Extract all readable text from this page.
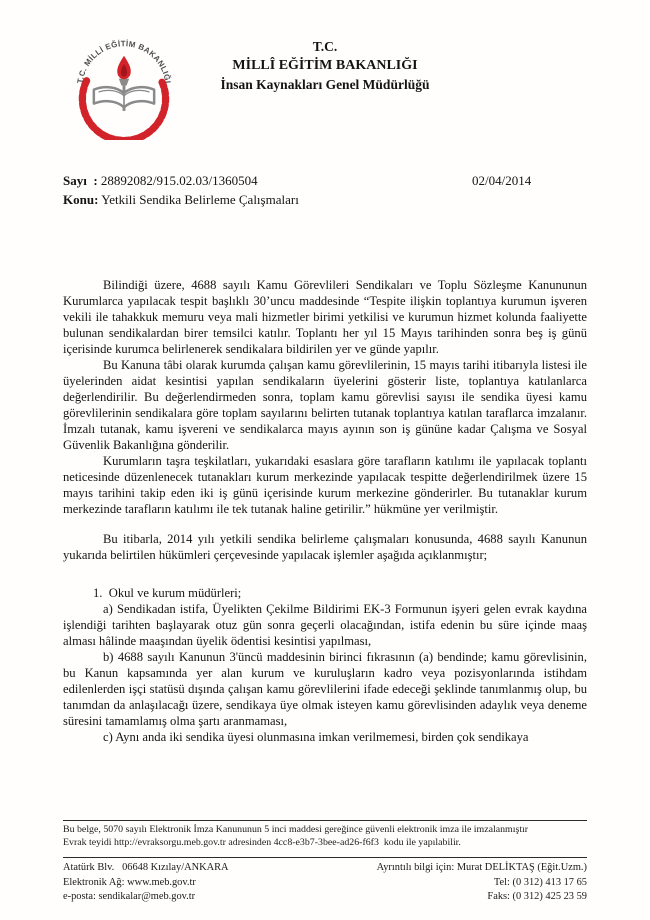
T.C. MİLLİ EĞİTİM BAKANLIĞI
T.C.
MİLLÎ EĞİTİM BAKANLIĞI
İnsan Kaynakları Genel Müdürlüğü
Sayı  : 28892082/915.02.03/1360504	02/04/2014
Konu: Yetkili Sendika Belirleme Çalışmaları

Bilindiği üzere, 4688 sayılı Kamu Görevlileri Sendikaları ve Toplu Sözleşme Kanununun Kurumlarca yapılacak tespit başlıklı 30’uncu maddesinde “Tespite ilişkin toplantıya kurumun işveren vekili ile tahakkuk memuru veya mali hizmetler birimi yetkilisi ve kurumun hizmet kolunda faaliyette bulunan sendikalardan birer temsilci katılır. Toplantı her yıl 15 Mayıs tarihinden sonra beş iş günü içerisinde kurumca belirlenerek sendikalara bildirilen yer ve günde yapılır.

Bu Kanuna tâbi olarak kurumda çalışan kamu görevlilerinin, 15 mayıs tarihi itibarıyla listesi ile üyelerinden aidat kesintisi yapılan sendikaların üyelerini gösterir liste, toplantıya katılanlarca değerlendirilir. Bu değerlendirmeden sonra, toplam kamu görevlisi sayısı ile sendika üyesi kamu görevlilerinin sendikalara göre toplam sayılarını belirten tutanak toplantıya katılan taraflarca imzalanır. İmzalı tutanak, kamu işvereni ve sendikalarca mayıs ayının son iş gününe kadar Çalışma ve Sosyal Güvenlik Bakanlığına gönderilir.

Kurumların taşra teşkilatları, yukarıdaki esaslara göre tarafların katılımı ile yapılacak toplantı neticesinde düzenlenecek tutanakları kurum merkezinde yapılacak tespitte değerlendirilmek üzere 15 mayıs tarihini takip eden iki iş günü içerisinde kurum merkezine gönderirler. Bu tutanaklar kurum merkezinde tarafların katılımı ile tek tutanak haline getirilir.” hükmüne yer verilmiştir.

Bu itibarla, 2014 yılı yetkili sendika belirleme çalışmaları konusunda, 4688 sayılı Kanunun yukarıda belirtilen hükümleri çerçevesinde yapılacak işlemler aşağıda açıklanmıştır;

1.  Okul ve kurum müdürleri;

a) Sendikadan istifa, Üyelikten Çekilme Bildirimi EK-3 Formunun işyeri gelen evrak kaydına işlendiği tarihten başlayarak otuz gün sonra geçerli olacağından, istifa edenin bu süre içinde maaş alması hâlinde maaşından üyelik ödentisi kesintisi yapılması,

b) 4688 sayılı Kanunun 3'üncü maddesinin birinci fıkrasının (a) bendinde; kamu görevlisinin, bu Kanun kapsamında yer alan kurum ve kuruluşların kadro veya pozisyonlarında istihdam edilenlerden işçi statüsü dışında çalışan kamu görevlilerini ifade edeceği şeklinde tanımlanmış olup, bu tanımdan da anlaşılacağı üzere, sendikaya üye olmak isteyen kamu görevlisinden adaylık veya deneme süresini tamamlamış olma şartı aranmaması,

c) Aynı anda iki sendika üyesi olunmasına imkan verilmemesi, birden çok sendikaya

Bu belge, 5070 sayılı Elektronik İmza Kanununun 5 inci maddesi gereğince güvenli elektronik imza ile imzalanmıştır
Evrak teyidi http://evraksorgu.meb.gov.tr adresinden 4cc8-e3b7-3bee-ad26-f6f3  kodu ile yapılabilir.
Atatürk Blv.   06648 Kızılay/ANKARA
Elektronik Ağ: www.meb.gov.tr
e-posta: sendikalar@meb.gov.tr
Ayrıntılı bilgi için: Murat DELİKTAŞ (Eğit.Uzm.)
Tel: (0 312) 413 17 65
Faks: (0 312) 425 23 59
